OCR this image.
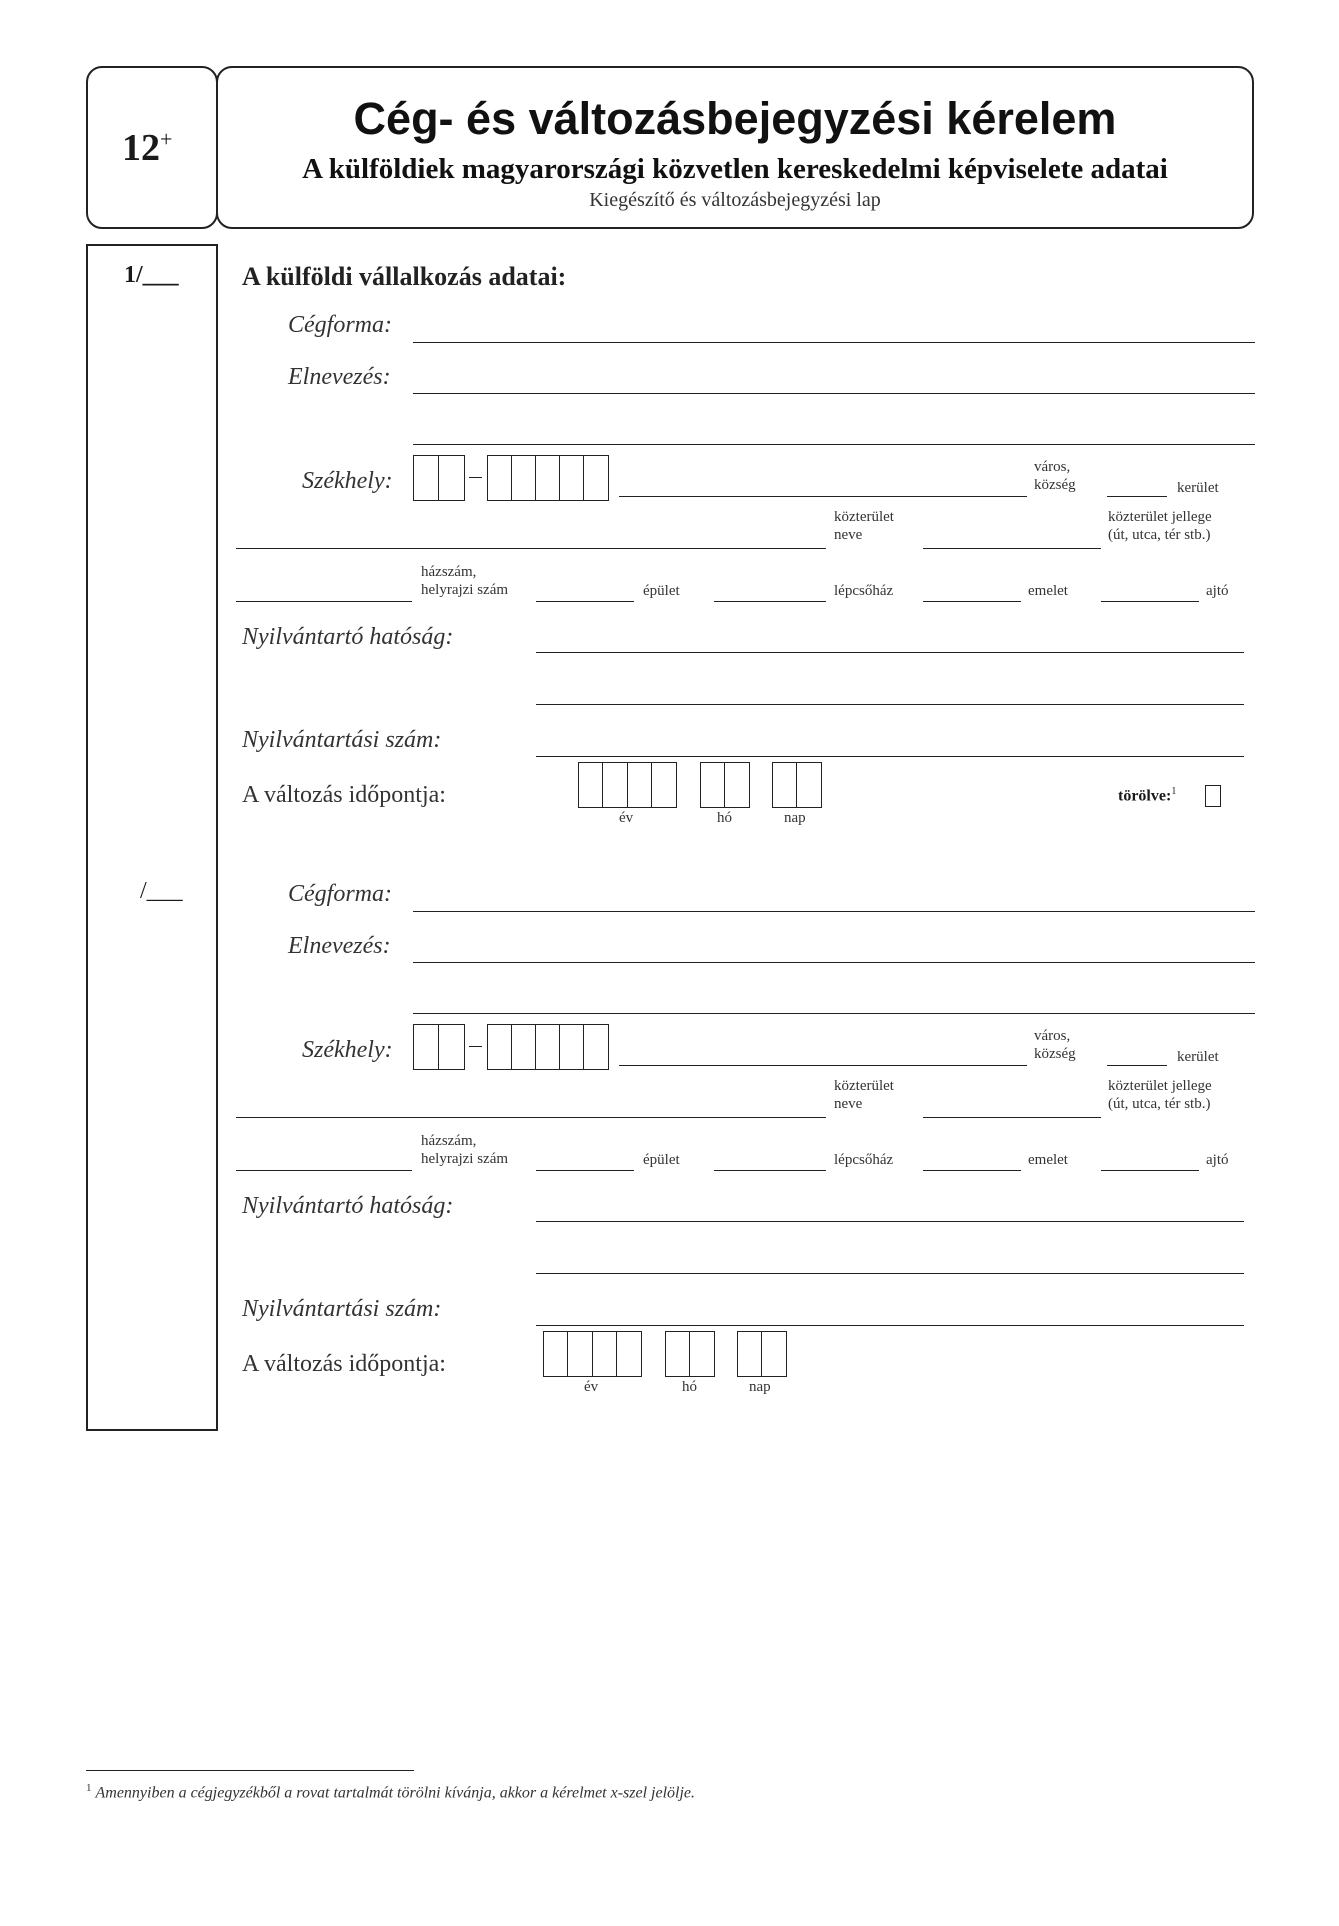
12+	Cég- és változásbejegyzési kérelem
A külföldiek magyarországi közvetlen kereskedelmi képviselete adatai
Kiegészítő és változásbejegyzési lap
1/___
/___
A külföldi vállalkozás adatai:
Cégforma:
Elnevezés:
Székhely:
város,
község	kerület
közterület
neve
közterület jellege
(út, utca, tér stb.)
házszám,
helyrajzi szám	épület	lépcsőház	emelet	ajtó
Nyilvántartó hatóság:
Nyilvántartási szám:
A változás időpontja:
év	hó	nap
törölve:$^1$
Cégforma:
Elnevezés:
Székhely:
város,
község	kerület
közterület
neve
közterület jellege
(út, utca, tér stb.)
házszám,
helyrajzi szám	épület	lépcsőház	emelet	ajtó
Nyilvántartó hatóság:
Nyilvántartási szám:
A változás időpontja:
év	hó	nap
$^1$ Amennyiben a cégjegyzékből a rovat tartalmát törölni kívánja, akkor a kérelmet x-szel jelölje.
